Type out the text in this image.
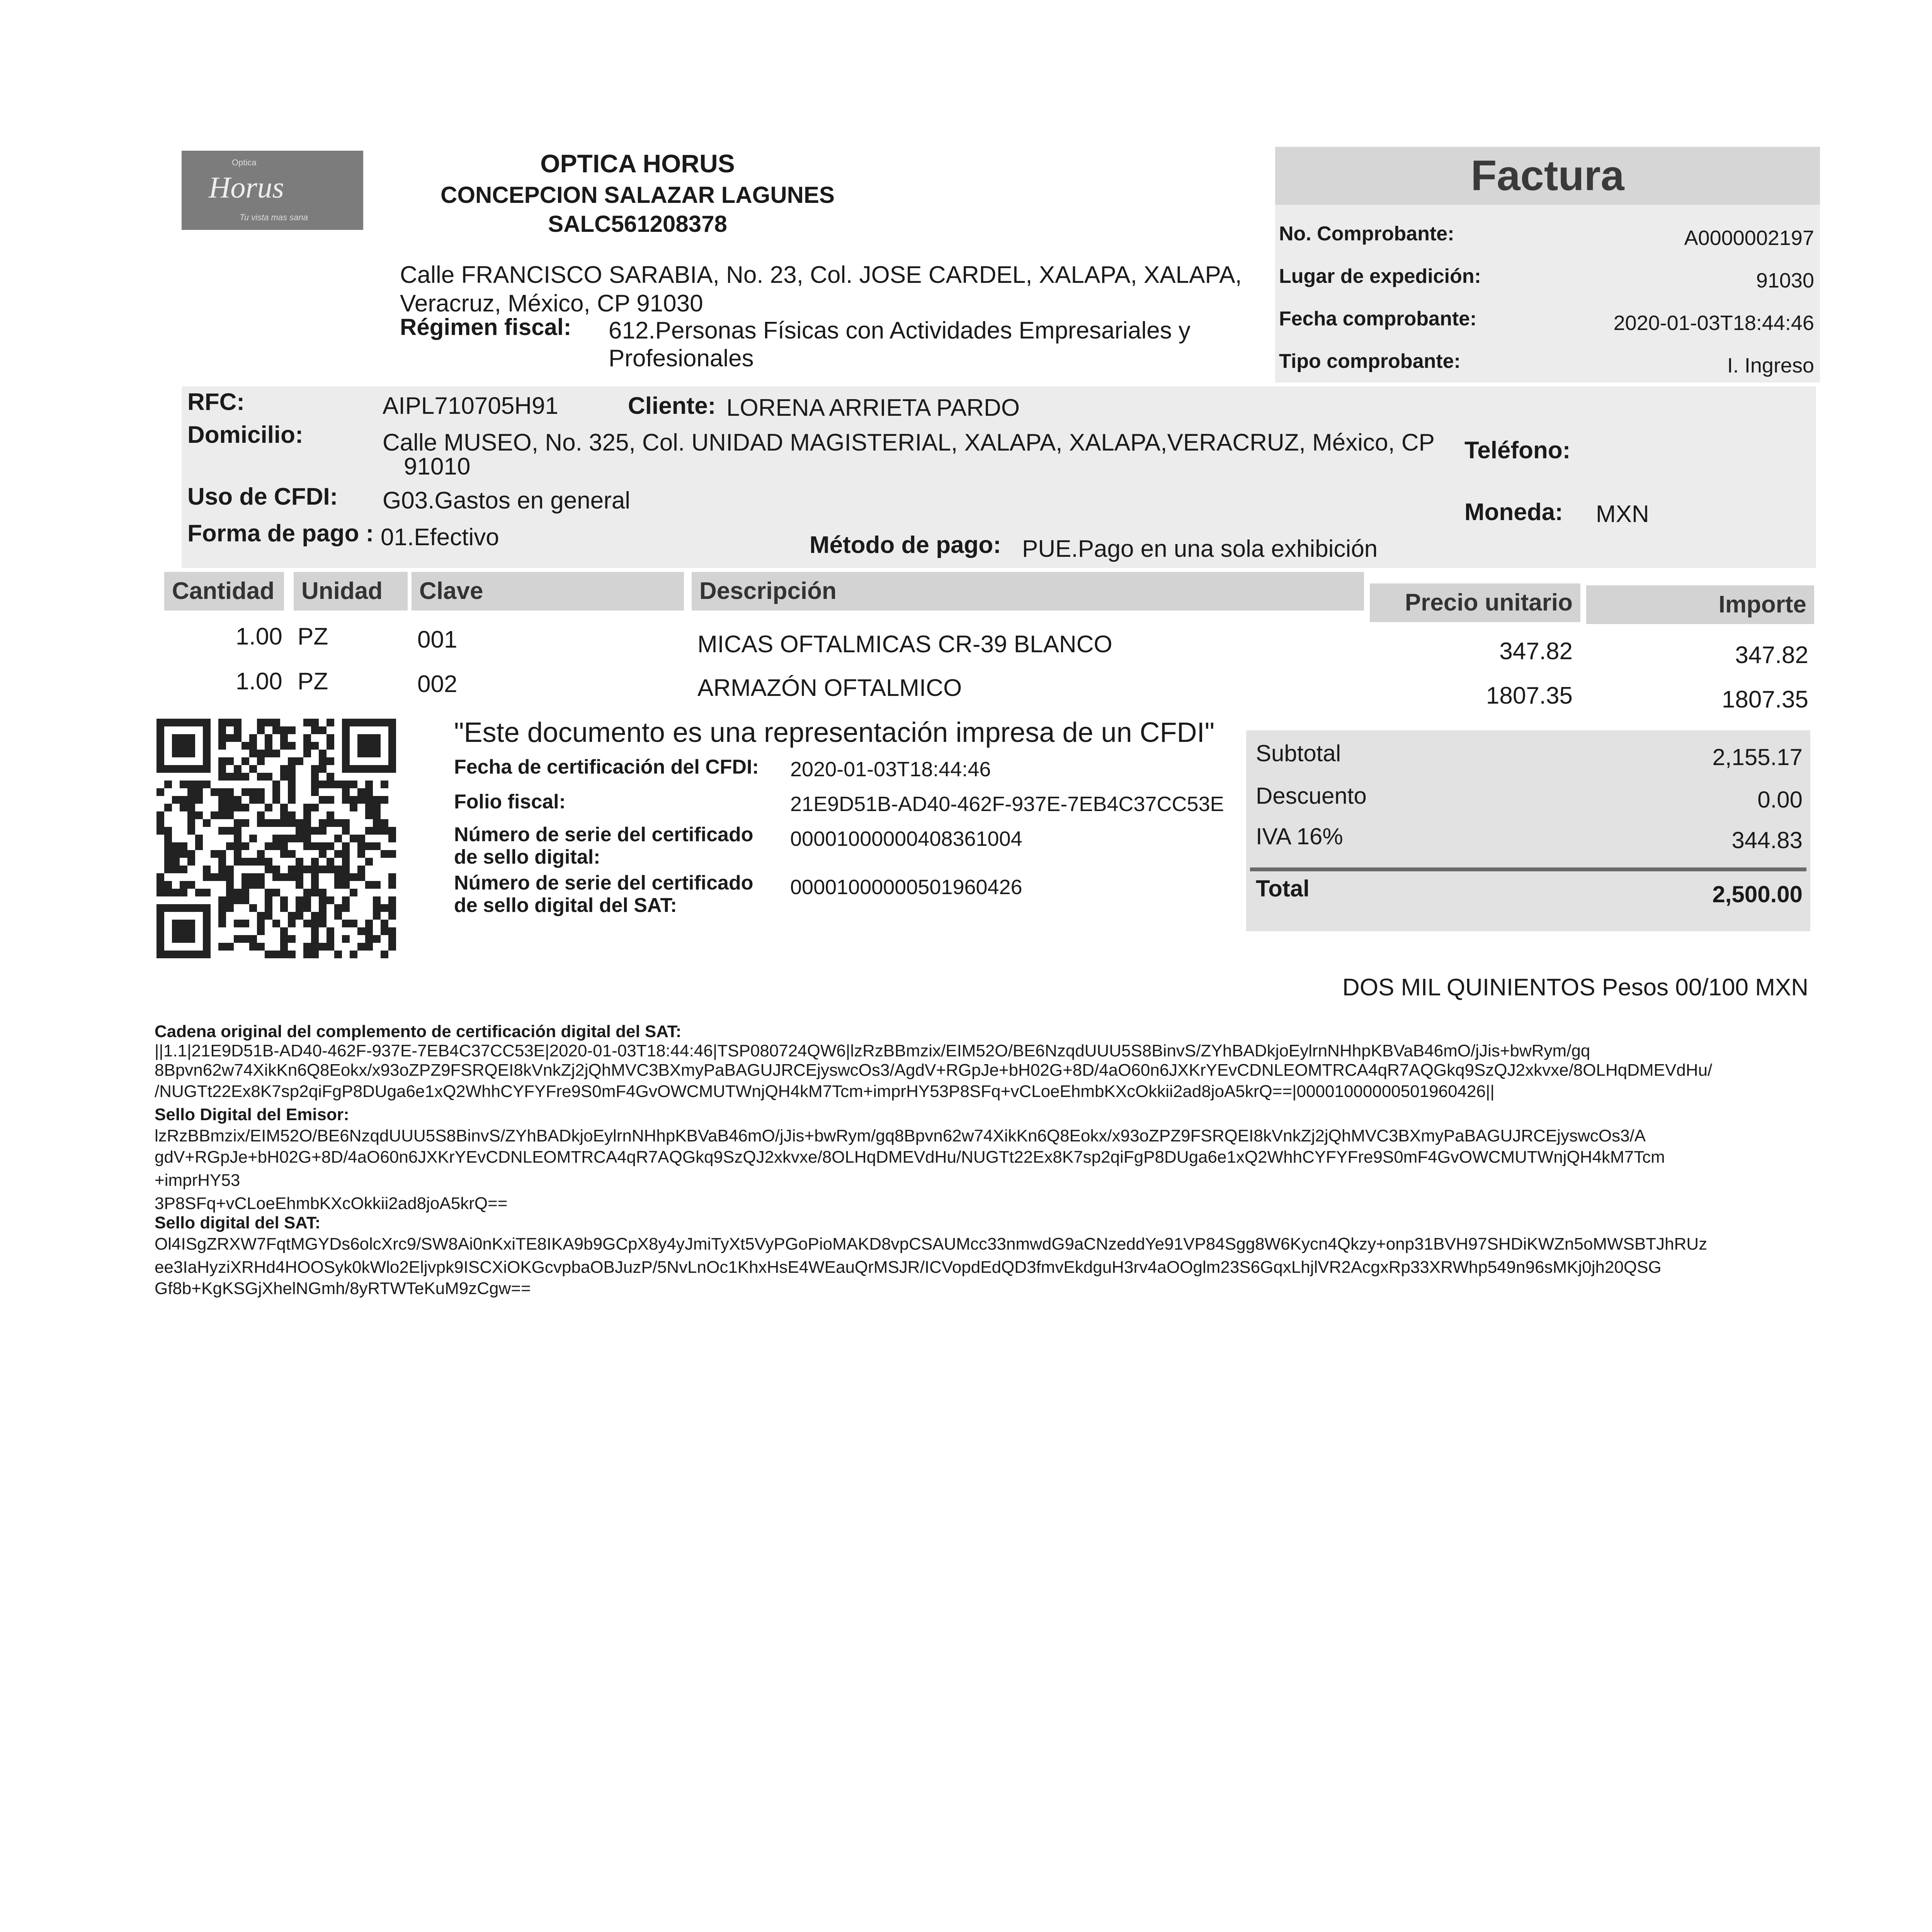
Optica
Horus
Tu vista mas sana
OPTICA HORUS
CONCEPCION SALAZAR LAGUNES
SALC561208378
Calle FRANCISCO SARABIA, No. 23, Col. JOSE CARDEL, XALAPA, XALAPA, Veracruz, México, CP 91030
Régimen fiscal: 612.Personas Físicas con Actividades Empresariales y Profesionales
Factura
No. Comprobante:	A0000002197
Lugar de expedición:	91030
Fecha comprobante:	2020-01-03T18:44:46
Tipo comprobante:	I. Ingreso
RFC:	AIPL710705H91	Cliente: LORENA ARRIETA PARDO
Domicilio:	Calle MUSEO, No. 325, Col. UNIDAD MAGISTERIAL, XALAPA, XALAPA,VERACRUZ, México, CP
91010
Teléfono:
Uso de CFDI: G03.Gastos en general	Moneda: MXN
Forma de pago : 01.Efectivo	Método de pago: PUE.Pago en una sola exhibición
Cantidad	Unidad	Clave	Descripción	Precio unitario	Importe
1.00 PZ	001	MICAS OFTALMICAS CR-39 BLANCO	347.82	347.82
1.00 PZ	002	ARMAZÓN OFTALMICO	1807.35	1807.35
"Este documento es una representación impresa de un CFDI"
Fecha de certificación del CFDI:	2020-01-03T18:44:46
Folio fiscal:	21E9D51B-AD40-462F-937E-7EB4C37CC53E
Número de serie del certificado
de sello digital:
00001000000408361004
Número de serie del certificado
de sello digital del SAT:
00001000000501960426
Subtotal	2,155.17
Descuento	0.00
IVA 16%	344.83
Total	2,500.00
DOS MIL QUINIENTOS Pesos 00/100 MXN
Cadena original del complemento de certificación digital del SAT:
||1.1|21E9D51B-AD40-462F-937E-7EB4C37CC53E|2020-01-03T18:44:46|TSP080724QW6|lzRzBBmzix/EIM52O/BE6NzqdUUU5S8BinvS/ZYhBADkjoEylrnNHhpKBVaB46mO/jJis+bwRym/gq
8Bpvn62w74XikKn6Q8Eokx/x93oZPZ9FSRQEI8kVnkZj2jQhMVC3BXmyPaBAGUJRCEjyswcOs3/AgdV+RGpJe+bH02G+8D/4aO60n6JXKrYEvCDNLEOMTRCA4qR7AQGkq9SzQJ2xkvxe/8OLHqDMEVdHu/
/NUGTt22Ex8K7sp2qiFgP8DUga6e1xQ2WhhCYFYFre9S0mF4GvOWCMUTWnjQH4kM7Tcm+imprHY53P8SFq+vCLoeEhmbKXcOkkii2ad8joA5krQ==|00001000000501960426||
Sello Digital del Emisor:
lzRzBBmzix/EIM52O/BE6NzqdUUU5S8BinvS/ZYhBADkjoEylrnNHhpKBVaB46mO/jJis+bwRym/gq8Bpvn62w74XikKn6Q8Eokx/x93oZPZ9FSRQEI8kVnkZj2jQhMVC3BXmyPaBAGUJRCEjyswcOs3/A
gdV+RGpJe+bH02G+8D/4aO60n6JXKrYEvCDNLEOMTRCA4qR7AQGkq9SzQJ2xkvxe/8OLHqDMEVdHu/NUGTt22Ex8K7sp2qiFgP8DUga6e1xQ2WhhCYFYFre9S0mF4GvOWCMUTWnjQH4kM7Tcm
+imprHY53
3P8SFq+vCLoeEhmbKXcOkkii2ad8joA5krQ==
Sello digital del SAT:
Ol4ISgZRXW7FqtMGYDs6olcXrc9/SW8Ai0nKxiTE8IKA9b9GCpX8y4yJmiTyXt5VyPGoPioMAKD8vpCSAUMcc33nmwdG9aCNzeddYe91VP84Sgg8W6Kycn4Qkzy+onp31BVH97SHDiKWZn5oMWSBTJhRUz
ee3IaHyziXRHd4HOOSyk0kWlo2Eljvpk9ISCXiOKGcvpbaOBJuzP/5NvLnOc1KhxHsE4WEauQrMSJR/ICVopdEdQD3fmvEkdguH3rv4aOOglm23S6GqxLhjlVR2AcgxRp33XRWhp549n96sMKj0jh20QSG
Gf8b+KgKSGjXhelNGmh/8yRTWTeKuM9zCgw==
